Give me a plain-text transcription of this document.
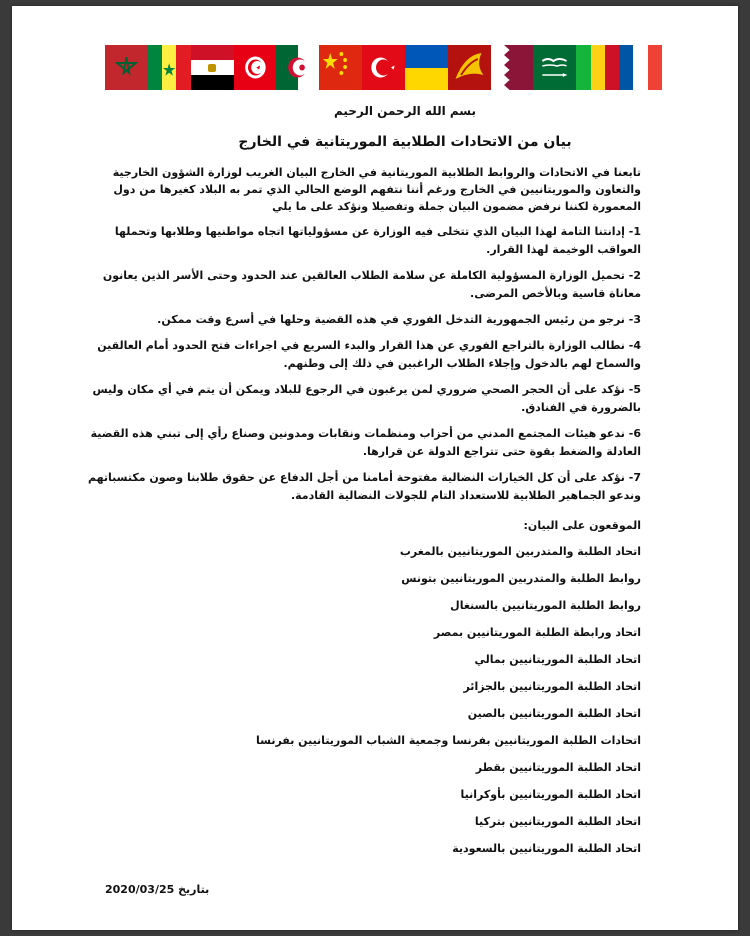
بسم الله الرحمن الرحيم
بيان من الاتحادات الطلابية الموريتانية في الخارج
تابعنا في الاتحادات والروابط الطلابية الموريتانية في الخارج البيان الغريب لوزارة الشؤون الخارجية والتعاون والموريتانيين في الخارج ورغم أننا نتفهم الوضع الحالي الذي تمر به البلاد كغيرها من دول المعمورة لكننا نرفض مضمون البيان جملة وتفصيلا ونؤكد على ما يلي
1- إدانتنا التامة لهذا البيان الذي تتخلى فيه الوزارة عن مسؤولياتها اتجاه مواطنيها وطلابها وتحملها العواقب الوخيمة لهذا القرار.
2- تحميل الوزارة المسؤولية الكاملة عن سلامة الطلاب العالقين عند الحدود وحتى الأسر الذين يعانون معاناة قاسية وبالأخص المرضى.
3- نرجو من رئيس الجمهورية التدخل الفوري في هذه القضية وحلها في أسرع وقت ممكن.
4- نطالب الوزارة بالتراجع الفوري عن هذا القرار والبدء السريع في اجراءات فتح الحدود أمام العالقين والسماح لهم بالدخول وإجلاء الطلاب الراغبين في ذلك إلى وطنهم.
5- نؤكد على أن الحجر الصحي ضروري لمن يرغبون في الرجوع للبلاد ويمكن أن يتم في أي مكان وليس بالضرورة في الفنادق.
6- ندعو هيئات المجتمع المدني من أحزاب ومنظمات ونقابات ومدونين وصناع رأي إلى تبني هذه القضية العادلة والضغط بقوة حتى تتراجع الدولة عن قرارها.
7- نؤكد على أن كل الخيارات النضالية مفتوحة أمامنا من أجل الدفاع عن حقوق طلابنا وصون مكتسباتهم وندعو الجماهير الطلابية للاستعداد التام للجولات النضالية القادمة.
الموقعون على البيان:
اتحاد الطلبة والمتدربين الموريتانيين بالمغرب
روابط الطلبة والمتدربين الموريتانيين بتونس
روابط الطلبة الموريتانيين بالسنغال
اتحاد ورابطة الطلبة الموريتانيين بمصر
اتحاد الطلبة الموريتانيين بمالي
اتحاد الطلبة الموريتانيين بالجزائر
اتحاد الطلبة الموريتانيين بالصين
اتحادات الطلبة الموريتانيين بفرنسا وجمعية الشباب الموريتانيين بفرنسا
اتحاد الطلبة الموريتانيين بقطر
اتحاد الطلبة الموريتانيين بأوكرانيا
اتحاد الطلبة الموريتانيين بتركيا
اتحاد الطلبة الموريتانيين بالسعودية
بتاريخ 2020/03/25
